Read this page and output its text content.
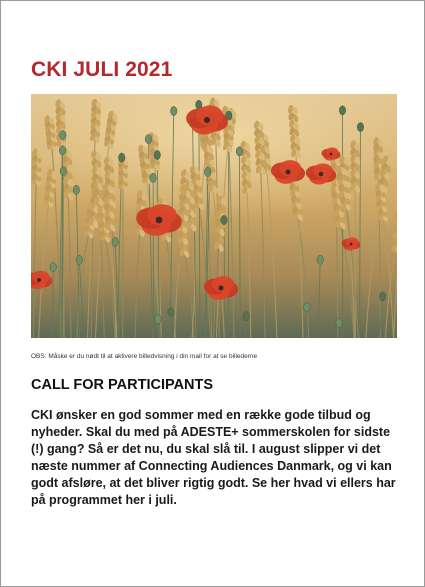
CKI JULI 2021

OBS: Måske er du nødt til at aktivere billedvisning i din mail for at se billederne

CALL FOR PARTICIPANTS

CKI ønsker en god sommer med en række gode tilbud og nyheder. Skal du med på ADESTE+ sommerskolen for sidste (!) gang? Så er det nu, du skal slå til. I august slipper vi det næste nummer af Connecting Audiences Danmark, og vi kan godt afsløre, at det bliver rigtig godt. Se her hvad vi ellers har på programmet her i juli.
